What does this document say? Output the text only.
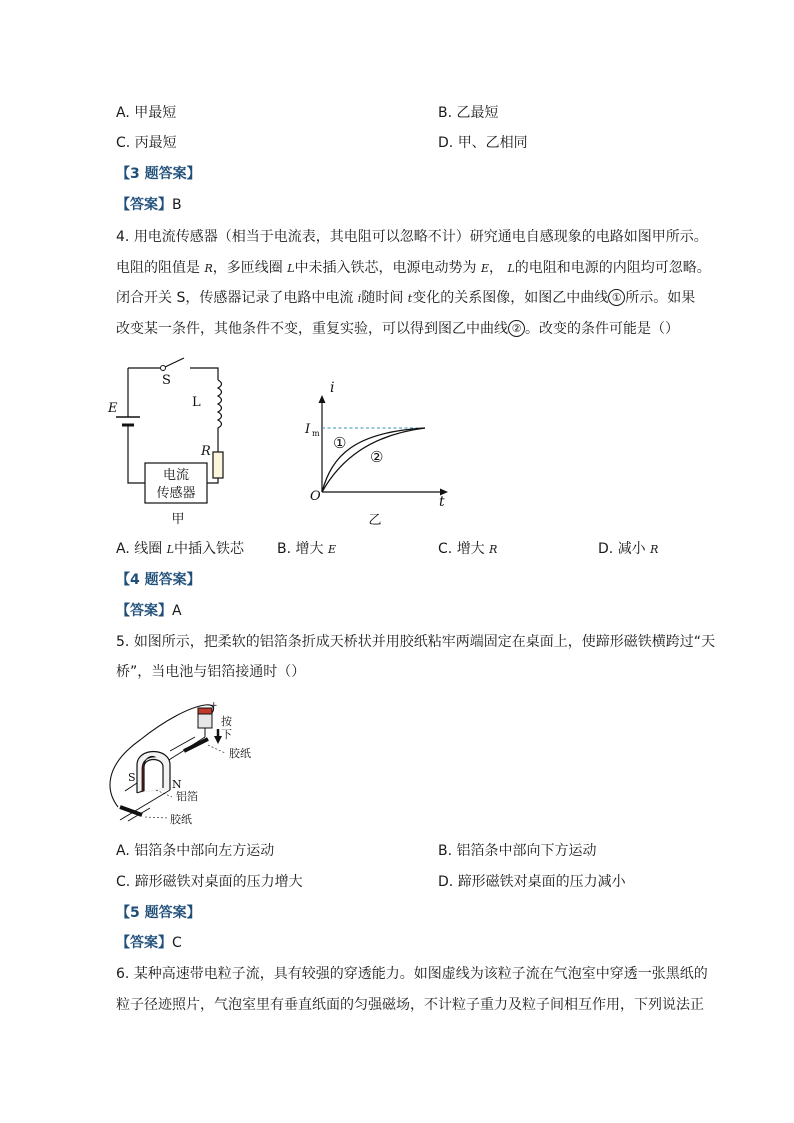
A. 甲最短	B. 乙最短
C. 丙最短	D. 甲、乙相同
【3 题答案】
【答案】B
4. 用电流传感器（相当于电流表，其电阻可以忽略不计）研究通电自感现象的电路如图甲所示。
电阻的阻值是 R，多匝线圈 L中未插入铁芯，电源电动势为 E， L的电阻和电源的内阻均可忽略。
闭合开关 S，传感器记录了电路中电流 i随时间 t变化的关系图像，如图乙中曲线 ① 所示。如果
改变某一条件，其他条件不变，重复实验，可以得到图乙中曲线 ② 。改变的条件可能是（）
电流
传感器
S
E	L
R
甲
i
t
O
I m
①
②
乙
A. 线圈 L中插入铁芯 B. 增大 E	C. 增大 R	D. 减小 R
【4 题答案】
【答案】A
5. 如图所示，把柔软的铝箔条折成天桥状并用胶纸粘牢两端固定在桌面上，使蹄形磁铁横跨过“天
桥”，当电池与铝箔接通时（）
+
按
下
胶纸
S
N
铝箔
胶纸
A. 铝箔条中部向左方运动	B. 铝箔条中部向下方运动
C. 蹄形磁铁对桌面的压力增大	D. 蹄形磁铁对桌面的压力减小
【5 题答案】
【答案】C
6. 某种高速带电粒子流，具有较强的穿透能力。如图虚线为该粒子流在气泡室中穿透一张黑纸的
粒子径迹照片，气泡室里有垂直纸面的匀强磁场，不计粒子重力及粒子间相互作用，下列说法正
